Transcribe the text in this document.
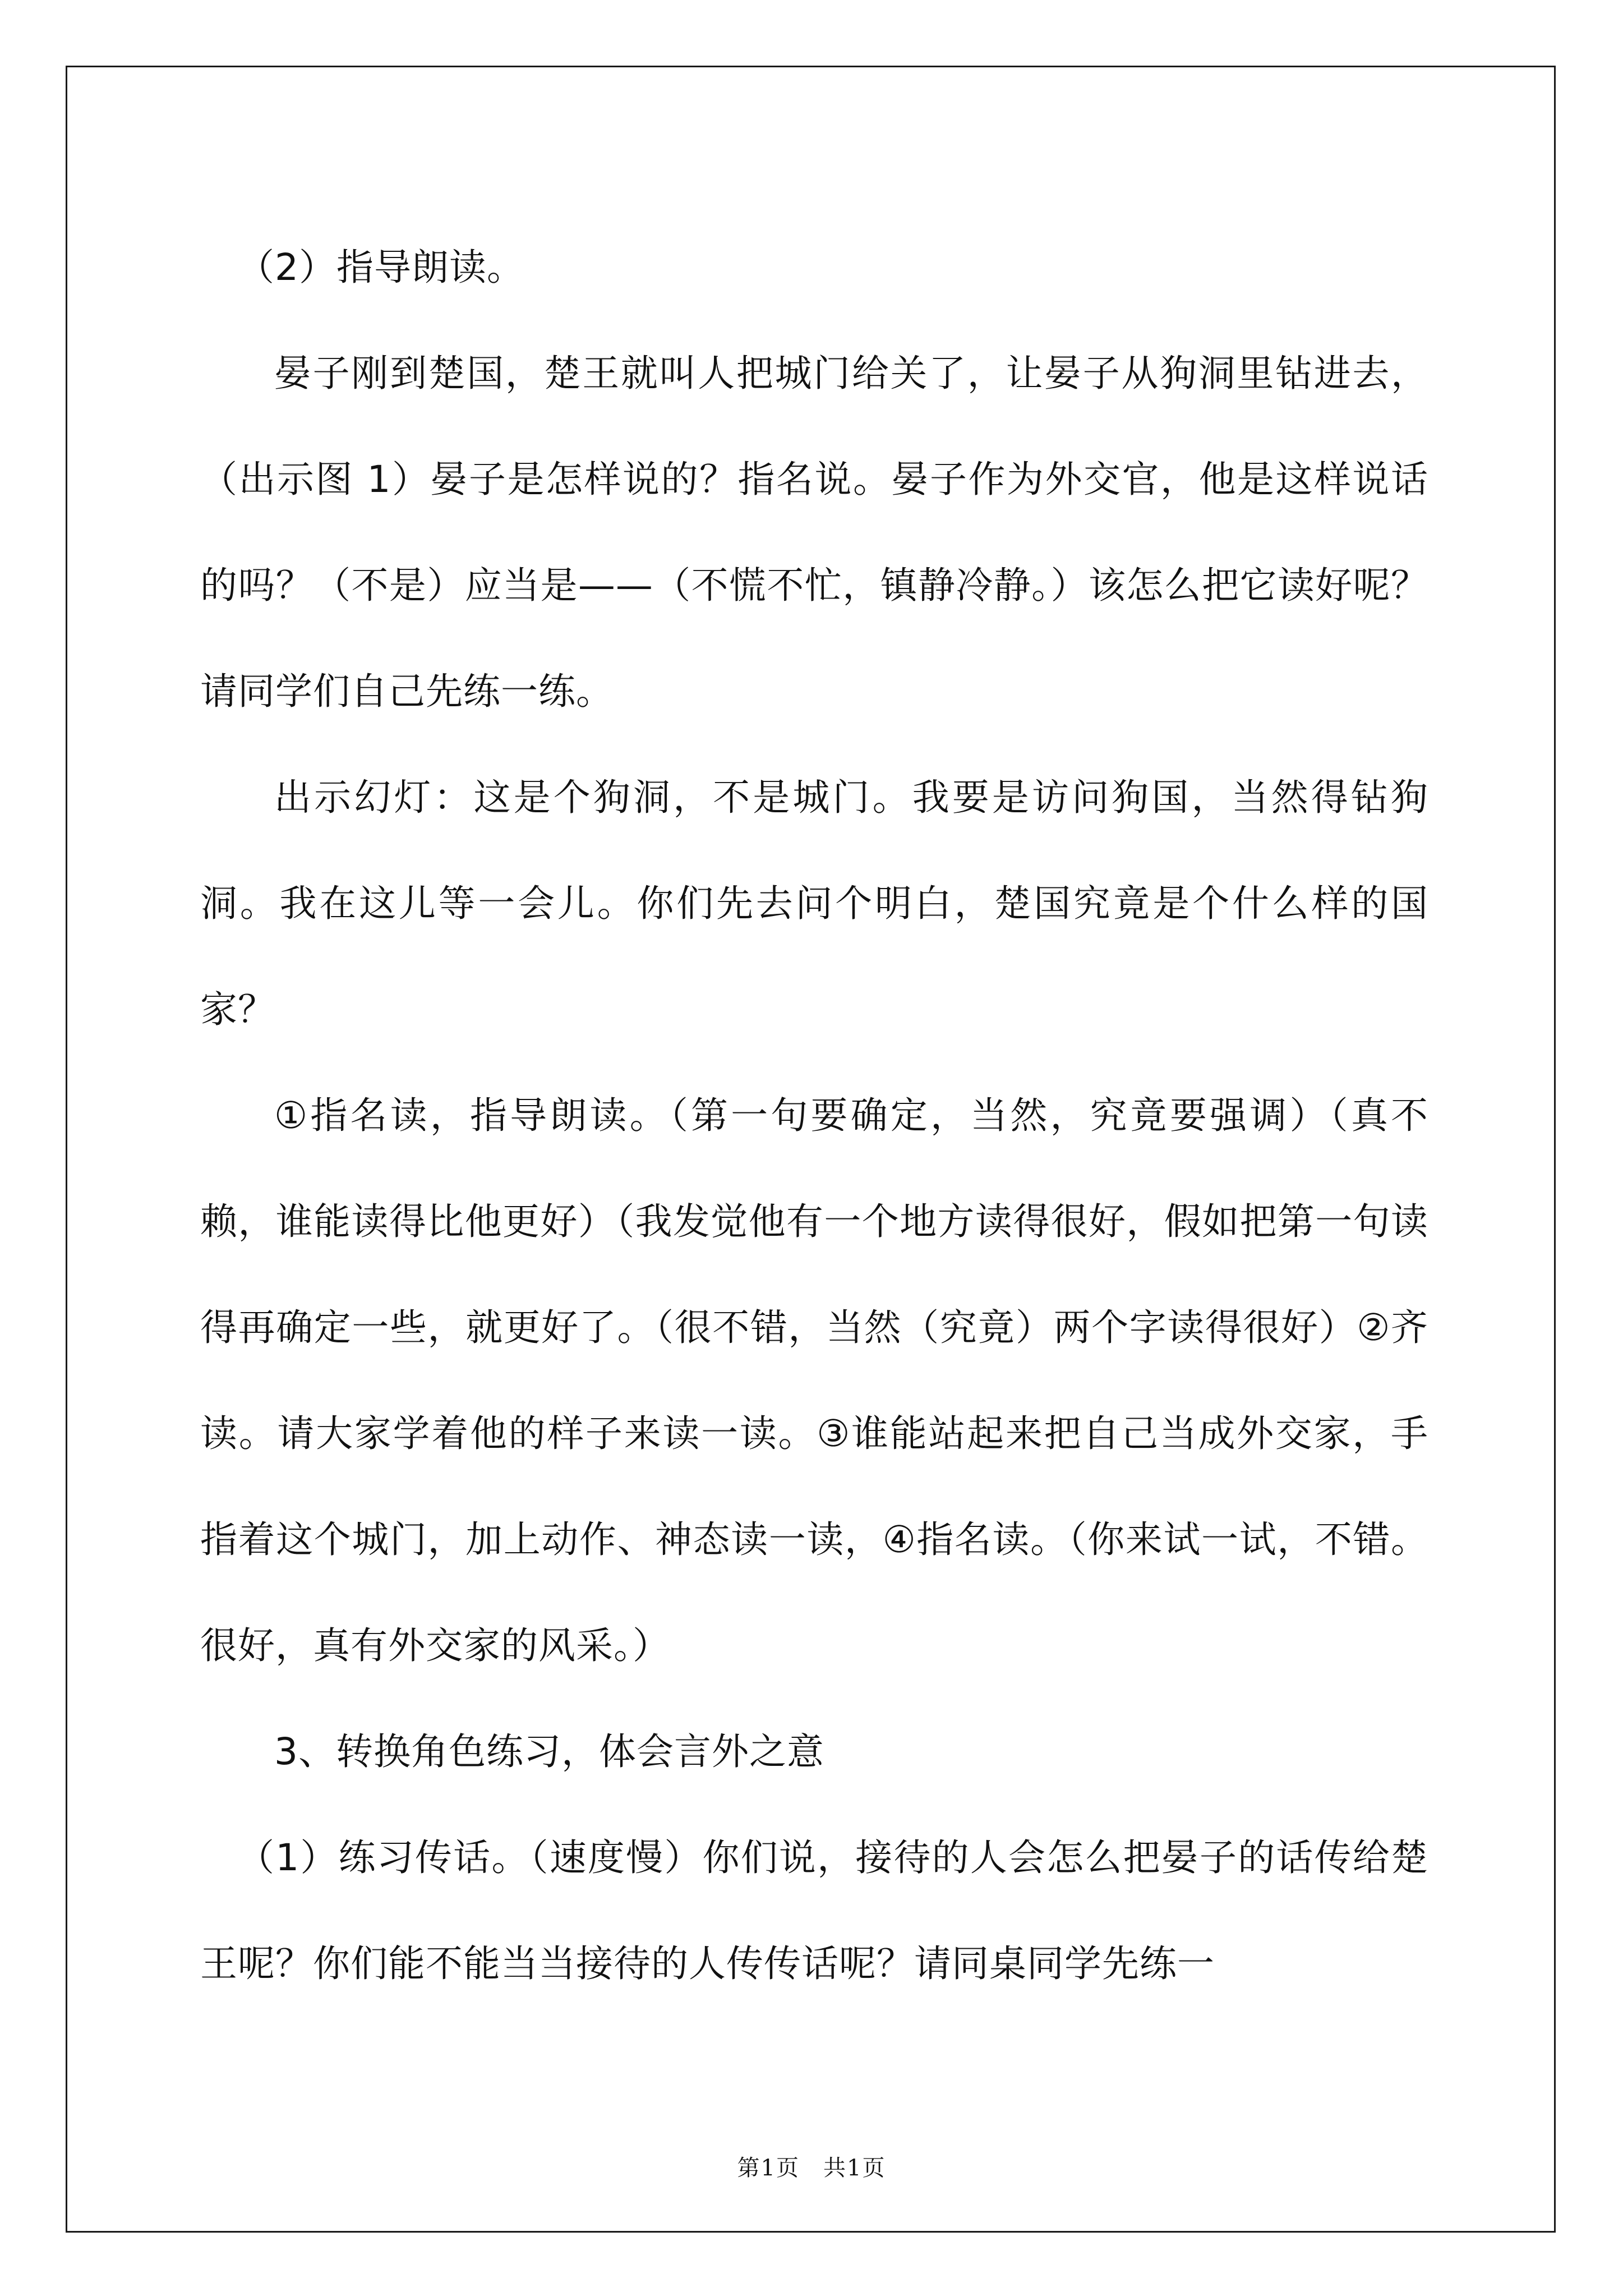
（2）指导朗读。

晏子刚到楚国，楚王就叫人把城门给关了，让晏子从狗洞里钻进去，（出示图 1）晏子是怎样说的？指名说。晏子作为外交官，他是这样说话的吗？（不是）应当是——（不慌不忙，镇静冷静。）该怎么把它读好呢？请同学们自己先练一练。

出示幻灯：这是个狗洞，不是城门。我要是访问狗国，当然得钻狗洞。我在这儿等一会儿。你们先去问个明白，楚国究竟是个什么样的国家？

①指名读，指导朗读。（第一句要确定，当然，究竟要强调）（真不赖，谁能读得比他更好）（我发觉他有一个地方读得很好，假如把第一句读得再确定一些，就更好了。（很不错，当然（究竟）两个字读得很好）②齐读。请大家学着他的样子来读一读。③谁能站起来把自己当成外交家，手指着这个城门，加上动作、神态读一读，④指名读。（你来试一试，不错。很好，真有外交家的风采。）

3、转换角色练习，体会言外之意

（1）练习传话。（速度慢）你们说，接待的人会怎么把晏子的话传给楚王呢？你们能不能当当接待的人传传话呢？请同桌同学先练一

第1页　共1页
